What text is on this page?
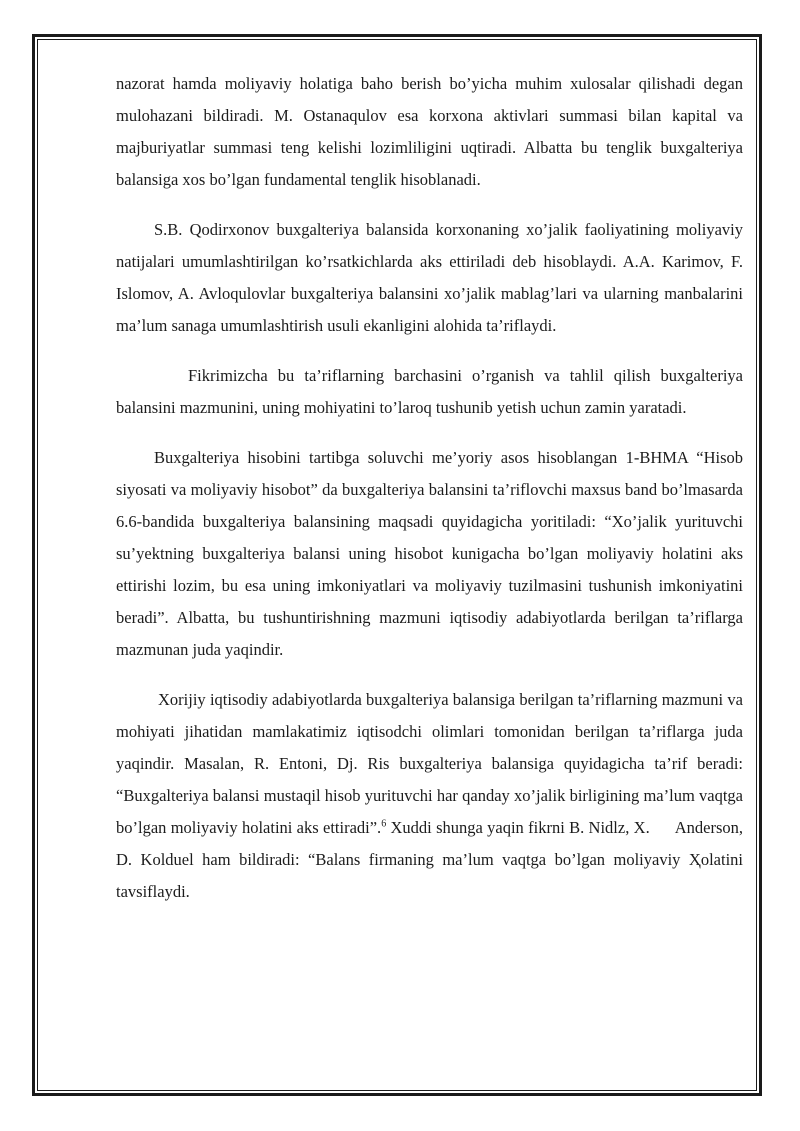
nazorat hamda moliyaviy holatiga baho berish bo’yicha muhim xulosalar qilishadi degan mulohazani bildiradi. M. Ostanaqulov esa korxona aktivlari summasi bilan kapital va majburiyatlar summasi teng kelishi lozimliligini uqtiradi. Albatta bu tenglik buxgalteriya balansiga xos bo’lgan fundamental tenglik hisoblanadi.

S.B. Qodirxonov buxgalteriya balansida korxonaning xo’jalik faoliyatining moliyaviy natijalari umumlashtirilgan ko’rsatkichlarda aks ettiriladi deb hisoblaydi. A.A. Karimov, F. Islomov, A. Avloqulovlar buxgalteriya balansini xo’jalik mablag’lari va ularning manbalarini ma’lum sanaga umumlashtirish usuli ekanligini alohida ta’riflaydi.

Fikrimizcha bu ta’riflarning barchasini o’rganish va tahlil qilish buxgalteriya balansini mazmunini, uning mohiyatini to’laroq tushunib yetish uchun zamin yaratadi.

Buxgalteriya hisobini tartibga soluvchi me’yoriy asos hisoblangan 1-BHMA “Hisob siyosati va moliyaviy hisobot” da buxgalteriya balansini ta’riflovchi maxsus band bo’lmasarda 6.6-bandida buxgalteriya balansining maqsadi quyidagicha yoritiladi: “Xo’jalik yurituvchi su’yektning buxgalteriya balansi uning hisobot kunigacha bo’lgan moliyaviy holatini aks ettirishi lozim, bu esa uning imkoniyatlari va moliyaviy tuzilmasini tushunish imkoniyatini beradi”. Albatta, bu tushuntirishning mazmuni iqtisodiy adabiyotlarda berilgan ta’riflarga mazmunan juda yaqindir.

Xorijiy iqtisodiy adabiyotlarda buxgalteriya balansiga berilgan ta’riflarning mazmuni va mohiyati jihatidan mamlakatimiz iqtisodchi olimlari tomonidan berilgan ta’riflarga juda yaqindir. Masalan, R. Entoni, Dj. Ris buxgalteriya balansiga quyidagicha ta’rif beradi: “Buxgalteriya balansi mustaqil hisob yurituvchi har qanday xo’jalik birligining ma’lum vaqtga bo’lgan moliyaviy holatini aks ettiradi”.$^6$ Xuddi shunga yaqin fikrni B. Nidlz, X.      Anderson, D. Kolduel ham bildiradi: “Balans firmaning ma’lum vaqtga bo’lgan moliyaviy Ҳolatini tavsiflaydi.
